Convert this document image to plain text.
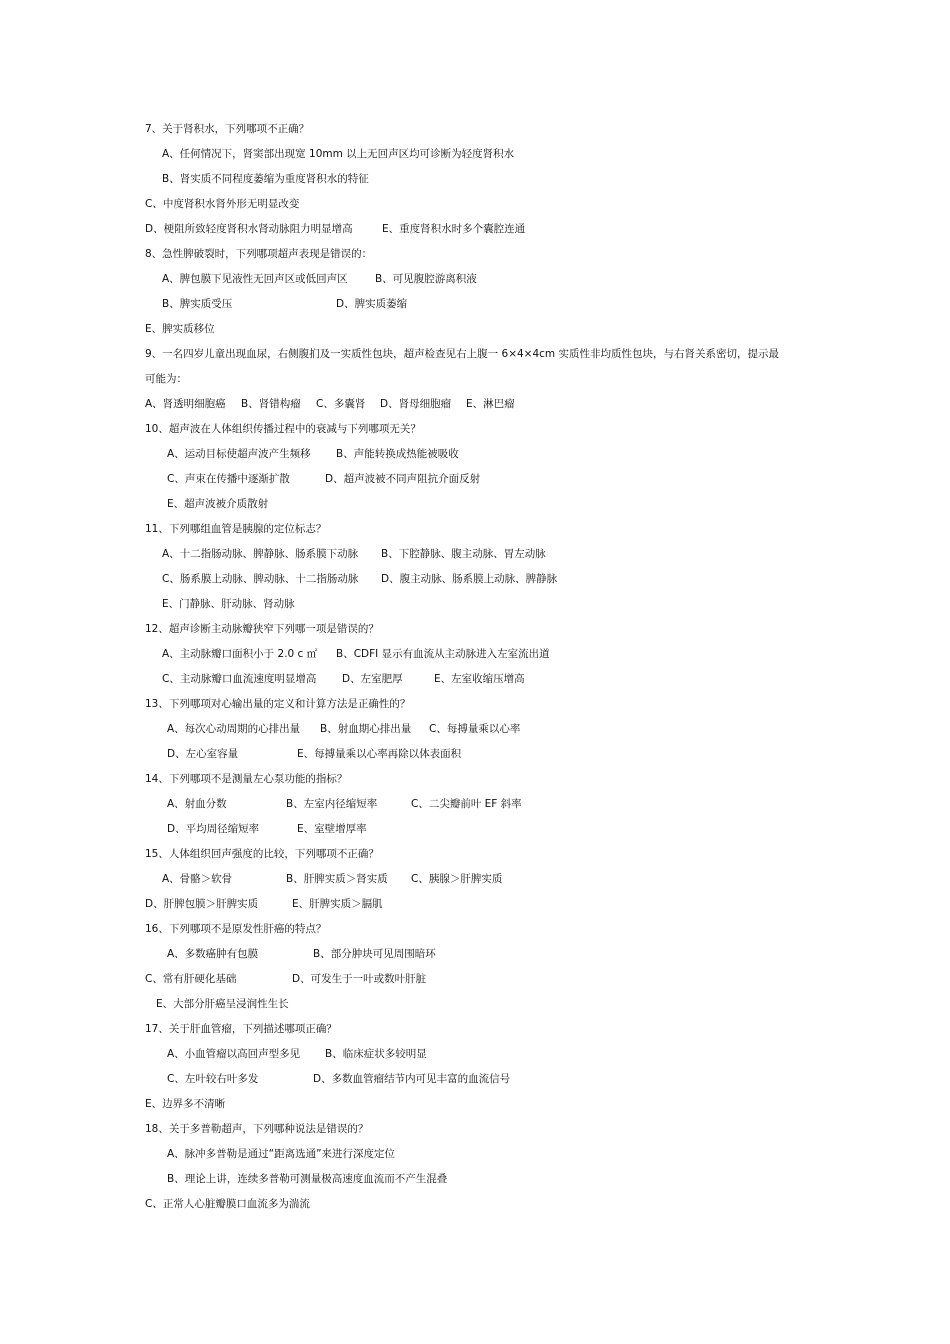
7、关于肾积水，下列哪项不正确？
A、任何情况下，肾窦部出现宽 10mm 以上无回声区均可诊断为轻度肾积水
B、肾实质不同程度萎缩为重度肾积水的特征
C、中度肾积水肾外形无明显改变
D、梗阻所致轻度肾积水肾动脉阻力明显增高	E、重度肾积水时多个囊腔连通
8、急性脾破裂时，下列哪项超声表现是错误的：
A、脾包膜下见液性无回声区或低回声区	B、可见腹腔游离积液
B、脾实质受压	D、脾实质萎缩
E、脾实质移位
9、一名四岁儿童出现血尿，右侧腹扪及一实质性包块，超声检查见右上腹一 6×4×4cm 实质性非均质性包块，与右肾关系密切，提示最
可能为：
A、肾透明细胞癌 B、肾错构瘤 C、多囊肾 D、肾母细胞瘤 E、淋巴瘤
10、超声波在人体组织传播过程中的衰减与下列哪项无关？
A、运动目标使超声波产生频移 B、声能转换成热能被吸收
C、声束在传播中逐渐扩散	D、超声波被不同声阻抗介面反射
E、超声波被介质散射
11、下列哪组血管是胰腺的定位标志？
A、十二指肠动脉、脾静脉、肠系膜下动脉 B、下腔静脉、腹主动脉、胃左动脉
C、肠系膜上动脉、脾动脉、十二指肠动脉 D、腹主动脉、肠系膜上动脉、脾静脉
E、门静脉、肝动脉、肾动脉
12、超声诊断主动脉瓣狭窄下列哪一项是错误的？
A、主动脉瓣口面积小于 2.0 c ㎡ B、CDFI 显示有血流从主动脉进入左室流出道
C、主动脉瓣口血流速度明显增高 D、左室肥厚	E、左室收缩压增高
13、下列哪项对心输出量的定义和计算方法是正确性的？
A、每次心动周期的心排出量 B、射血期心排出量 C、每搏量乘以心率
D、左心室容量	E、每搏量乘以心率再除以体表面积
14、下列哪项不是测量左心泵功能的指标？
A、射血分数	B、左室内径缩短率	C、二尖瓣前叶 EF 斜率
D、平均周径缩短率	E、室壁增厚率
15、人体组织回声强度的比较，下列哪项不正确？
A、骨骼＞软骨	B、肝脾实质＞肾实质 C、胰腺＞肝脾实质
D、肝脾包膜＞肝脾实质	E、肝脾实质＞膈肌
16、下列哪项不是原发性肝癌的特点？
A、多数癌肿有包膜	B、部分肿块可见周围暗环
C、常有肝硬化基础	D、可发生于一叶或数叶肝脏
E、大部分肝癌呈浸润性生长
17、关于肝血管瘤，下列描述哪项正确？
A、小血管瘤以高回声型多见 B、临床症状多较明显
C、左叶较右叶多发	D、多数血管瘤结节内可见丰富的血流信号
E、边界多不清晰
18、关于多普勒超声，下列哪种说法是错误的？
A、脉冲多普勒是通过“距离选通”来进行深度定位
B、理论上讲，连续多普勒可测量极高速度血流而不产生混叠
C、正常人心脏瓣膜口血流多为湍流
